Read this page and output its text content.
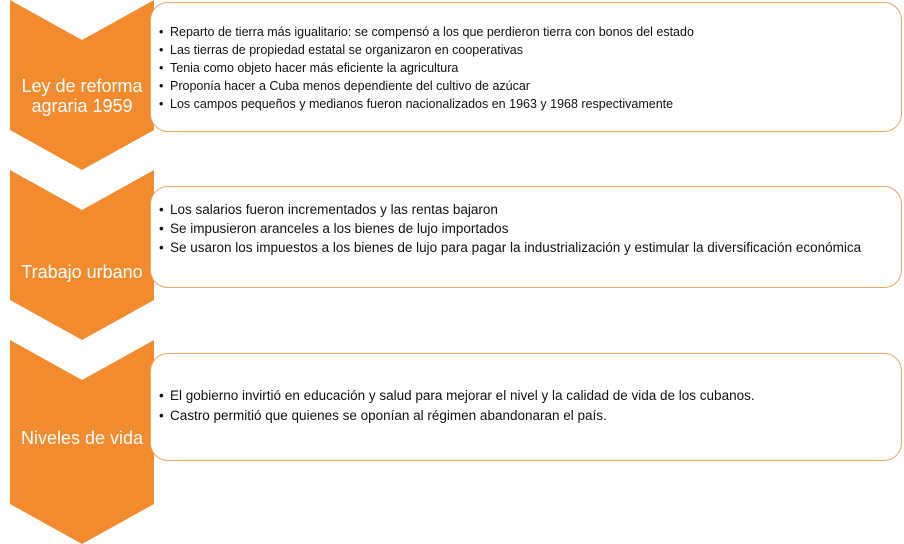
Ley de reforma
agraria 1959
• Reparto de tierra más igualitario: se compensó a los que perdieron tierra con bonos del estado
• Las tierras de propiedad estatal se organizaron en cooperativas
• Tenia como objeto hacer más eficiente la agricultura
• Proponía hacer a Cuba menos dependiente del cultivo de azúcar
• Los campos pequeños y medianos fueron nacionalizados en 1963 y 1968 respectivamente
Trabajo urbano
• Los salarios fueron incrementados y las rentas bajaron
• Se impusieron aranceles a los bienes de lujo importados
• Se usaron los impuestos a los bienes de lujo para pagar la industrialización y estimular la diversificación económica
Niveles de vida
• El gobierno invirtió en educación y salud para mejorar el nivel y la calidad de vida de los cubanos.
• Castro permitió que quienes se oponían al régimen abandonaran el país.
